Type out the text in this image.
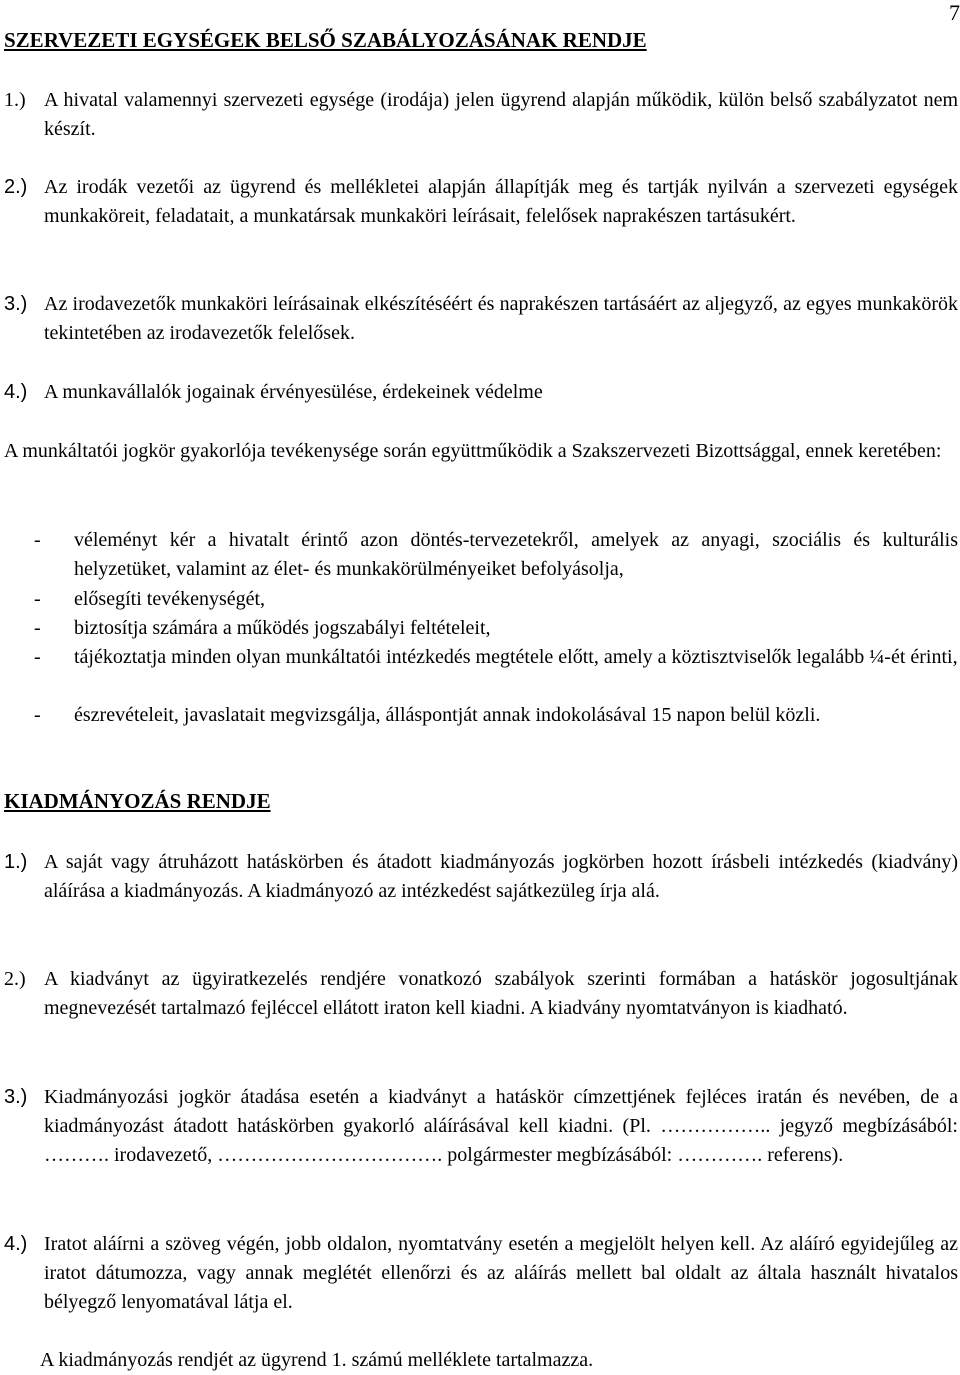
7
SZERVEZETI EGYSÉGEK BELSŐ SZABÁLYOZÁSÁNAK RENDJE
1.) A hivatal valamennyi szervezeti egysége (irodája) jelen ügyrend alapján működik, külön belső szabályzatot nem készít.
2.) Az irodák vezetői az ügyrend és mellékletei alapján állapítják meg és tartják nyilván a szervezeti egységek munkaköreit, feladatait, a munkatársak munkaköri leírásait, felelősek naprakészen tartásukért.
3.) Az irodavezetők munkaköri leírásainak elkészítéséért és naprakészen tartásáért az aljegyző, az egyes munkakörök tekintetében az irodavezetők felelősek.
4.) A munkavállalók jogainak érvényesülése, érdekeinek védelme
A munkáltatói jogkör gyakorlója tevékenysége során együttműködik a Szakszervezeti Bizottsággal, ennek keretében:
- véleményt kér a hivatalt érintő azon döntés-tervezetekről, amelyek az anyagi, szociális és kulturális helyzetüket, valamint az élet- és munkakörülményeiket befolyásolja,
- elősegíti tevékenységét,
- biztosítja számára a működés jogszabályi feltételeit,
- tájékoztatja minden olyan munkáltatói intézkedés megtétele előtt, amely a köztisztviselők legalább ¼-ét érinti,
- észrevételeit, javaslatait megvizsgálja, álláspontját annak indokolásával 15 napon belül közli.
KIADMÁNYOZÁS RENDJE
1.) A saját vagy átruházott hatáskörben és átadott kiadmányozás jogkörben hozott írásbeli intézkedés (kiadvány) aláírása a kiadmányozás. A kiadmányozó az intézkedést sajátkezüleg írja alá.
2.) A kiadványt az ügyiratkezelés rendjére vonatkozó szabályok szerinti formában a hatáskör jogosultjának megnevezését tartalmazó fejléccel ellátott iraton kell kiadni. A kiadvány nyomtatványon is kiadható.
3.) Kiadmányozási jogkör átadása esetén a kiadványt a hatáskör címzettjének fejléces iratán és nevében, de a kiadmányozást átadott hatáskörben gyakorló aláírásával kell kiadni. (Pl. …………….. jegyző megbízásából: ………. irodavezető, ……………………………. polgármester megbízásából: …………. referens).
4.) Iratot aláírni a szöveg végén, jobb oldalon, nyomtatvány esetén a megjelölt helyen kell. Az aláíró egyidejűleg az iratot dátumozza, vagy annak meglétét ellenőrzi és az aláírás mellett bal oldalt az általa használt hivatalos bélyegző lenyomatával látja el.
A kiadmányozás rendjét az ügyrend 1. számú melléklete tartalmazza.
